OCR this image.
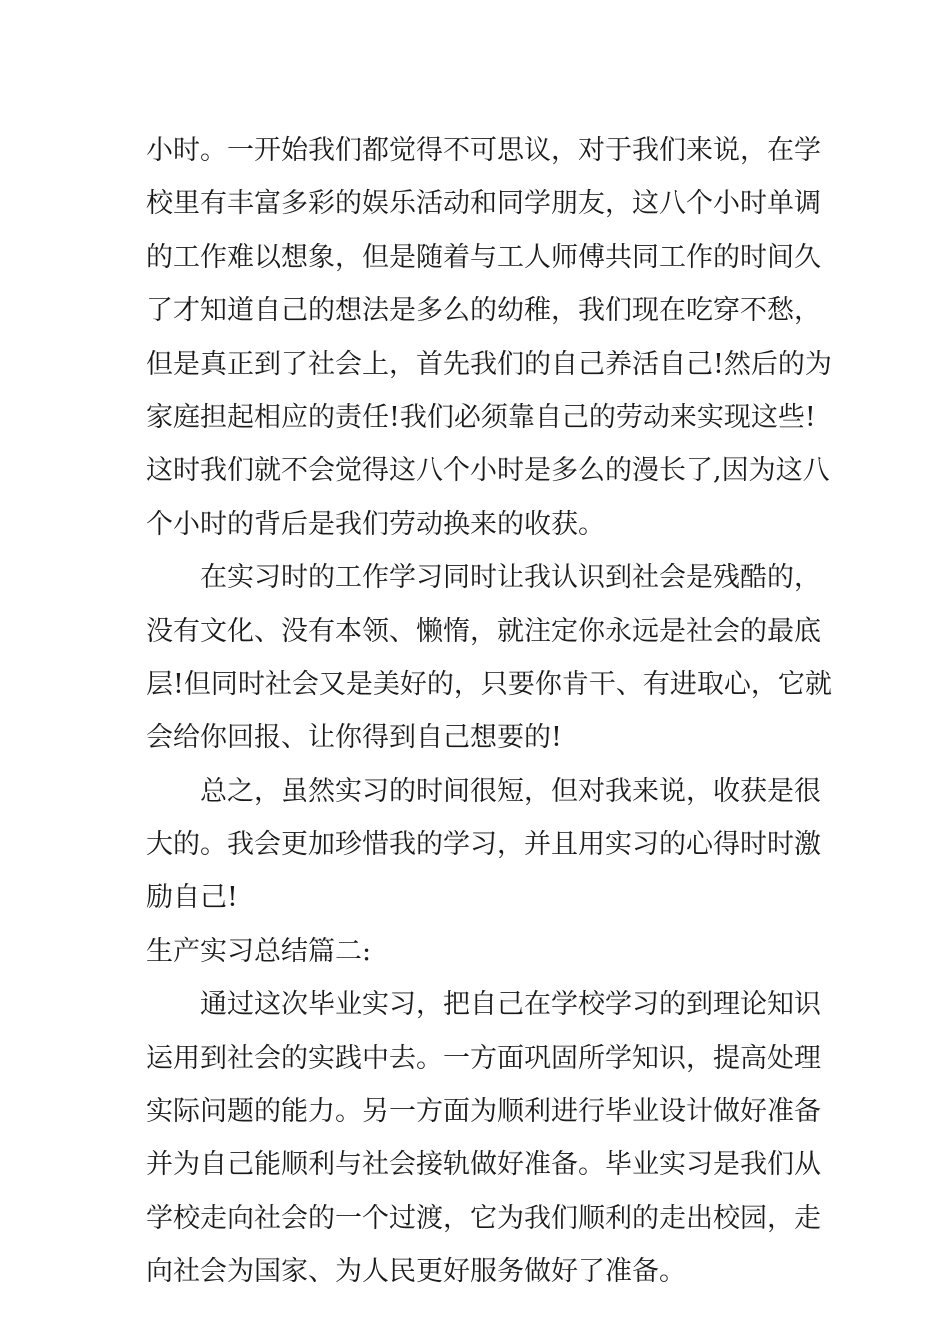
小时。一开始我们都觉得不可思议，对于我们来说，在学
校里有丰富多彩的娱乐活动和同学朋友，这八个小时单调
的工作难以想象，但是随着与工人师傅共同工作的时间久
了才知道自己的想法是多么的幼稚，我们现在吃穿不愁，
但是真正到了社会上，首先我们的自己养活自己!然后的为
家庭担起相应的责任!我们必须靠自己的劳动来实现这些!
这时我们就不会觉得这八个小时是多么的漫长了,因为这八
个小时的背后是我们劳动换来的收获。
在实习时的工作学习同时让我认识到社会是残酷的，
没有文化、没有本领、懒惰，就注定你永远是社会的最底
层!但同时社会又是美好的，只要你肯干、有进取心，它就
会给你回报、让你得到自己想要的!
总之，虽然实习的时间很短，但对我来说，收获是很
大的。我会更加珍惜我的学习，并且用实习的心得时时激
励自己!
生产实习总结篇二:
通过这次毕业实习，把自己在学校学习的到理论知识
运用到社会的实践中去。一方面巩固所学知识，提高处理
实际问题的能力。另一方面为顺利进行毕业设计做好准备
并为自己能顺利与社会接轨做好准备。毕业实习是我们从
学校走向社会的一个过渡，它为我们顺利的走出校园，走
向社会为国家、为人民更好服务做好了准备。
